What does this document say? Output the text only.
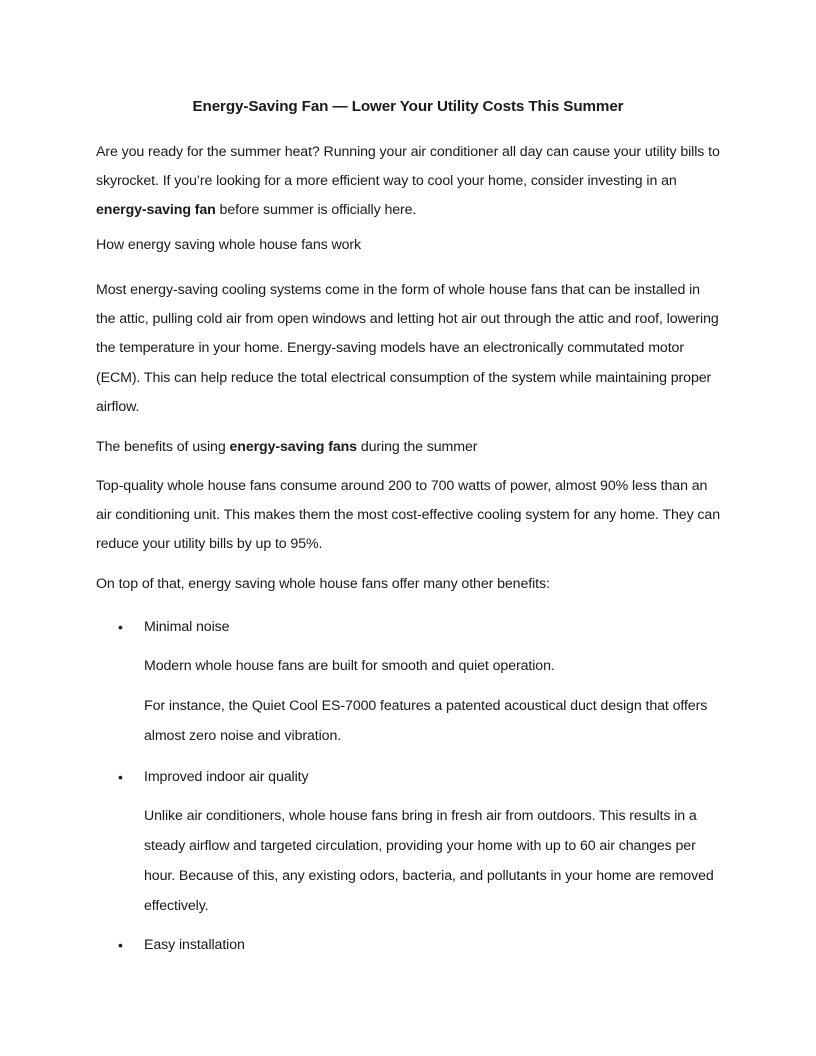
Energy-Saving Fan — Lower Your Utility Costs This Summer

Are you ready for the summer heat? Running your air conditioner all day can cause your utility bills to skyrocket. If you’re looking for a more efficient way to cool your home, consider investing in an energy-saving fan before summer is officially here.

How energy saving whole house fans work

Most energy-saving cooling systems come in the form of whole house fans that can be installed in the attic, pulling cold air from open windows and letting hot air out through the attic and roof, lowering the temperature in your home. Energy-saving models have an electronically commutated motor (ECM). This can help reduce the total electrical consumption of the system while maintaining proper airflow.

The benefits of using energy-saving fans during the summer

Top-quality whole house fans consume around 200 to 700 watts of power, almost 90% less than an air conditioning unit. This makes them the most cost-effective cooling system for any home. They can reduce your utility bills by up to 95%.

On top of that, energy saving whole house fans offer many other benefits:

• Minimal noise

Modern whole house fans are built for smooth and quiet operation.

For instance, the Quiet Cool ES-7000 features a patented acoustical duct design that offers almost zero noise and vibration.

• Improved indoor air quality

Unlike air conditioners, whole house fans bring in fresh air from outdoors. This results in a steady airflow and targeted circulation, providing your home with up to 60 air changes per hour. Because of this, any existing odors, bacteria, and pollutants in your home are removed effectively.

• Easy installation
